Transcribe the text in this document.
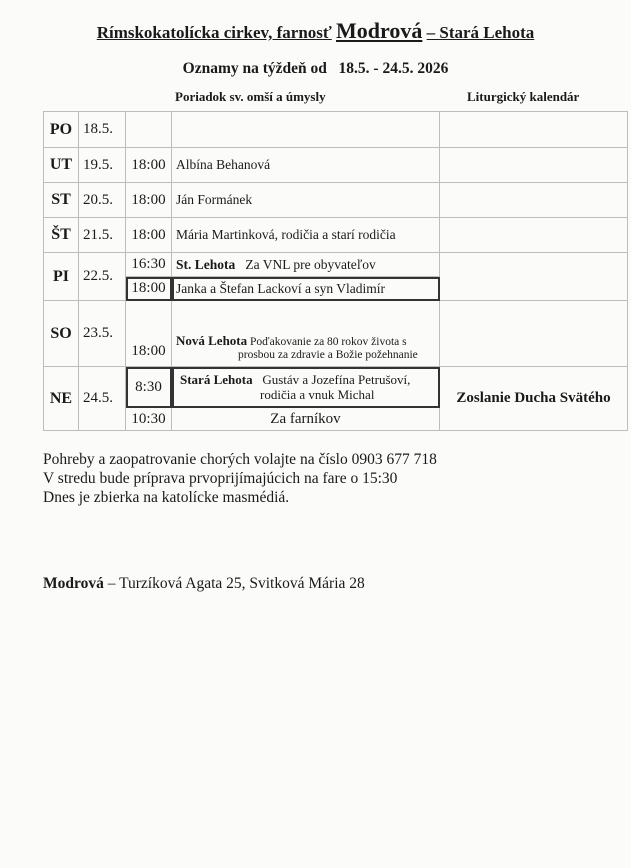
Rímskokatolícka cirkev, farnosť Modrová – Stará Lehota
Oznamy na týždeň od   18.5. - 24.5. 2026
Poriadok sv. omší a úmysly	Liturgický kalendár
PO	18.5.			
UT	19.5.	18:00	Albína Behanová	
ST	20.5.	18:00	Ján Formánek	
ŠT	21.5.	18:00	Mária Martinková, rodičia a starí rodičia	
PI	22.5.	16:30	St. Lehota Za VNL pre obyvateľov	
		18:00	Janka a Štefan Lackoví a syn Vladimír	
SO	23.5.	18:00	Nová Lehota Poďakovanie za 80 rokov života s
prosbou za zdravie a Božie požehnanie	
NE	24.5.	8:30	Stará Lehota Gustáv a Jozefína Petrušoví,
rodičia a vnuk Michal	Zoslanie Ducha Svätého
		10:30	Za farníkov	
Pohreby a zaopatrovanie chorých volajte na číslo 0903 677 718
V stredu bude príprava prvoprijímajúcich na fare o 15:30
Dnes je zbierka na katolícke masmédiá.
Modrová – Turzíková Agata 25, Svitková Mária 28
